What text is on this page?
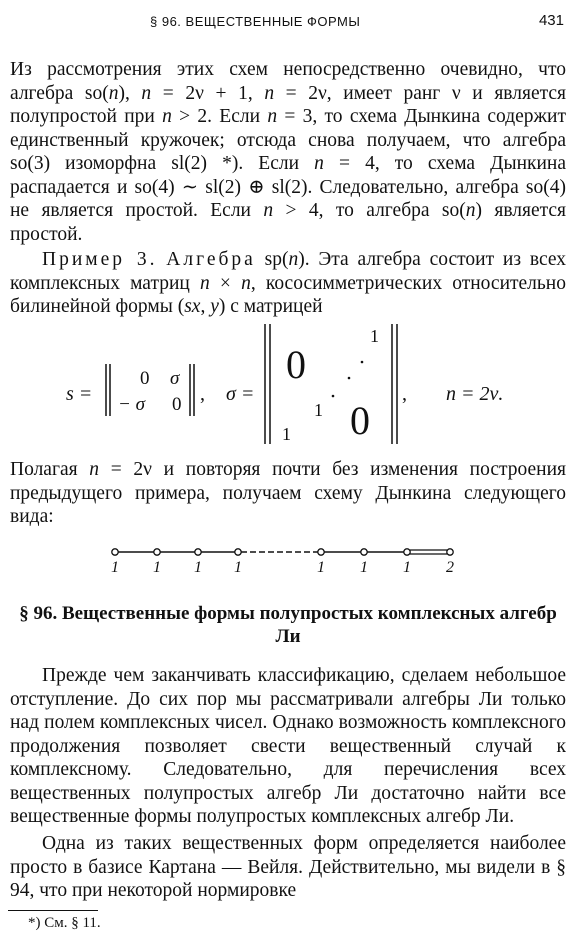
§ 96. ВЕЩЕСТВЕННЫЕ ФОРМЫ	431

Из рассмотрения этих схем непосредственно очевидно, что алгебра so(n), n = 2ν + 1, n = 2ν, имеет ранг ν и является полупростой при n > 2. Если n = 3, то схема Дынкина содержит единственный кружочек; отсюда снова получаем, что алгебра so(3) изоморфна sl(2) *). Если n = 4, то схема Дынкина распадается и so(4) ∼ sl(2) ⊕ sl(2). Следовательно, алгебра so(4) не является простой. Если n > 4, то алгебра so(n) является простой.

Пример 3. Алгебра sp(n). Эта алгебра состоит из всех комплексных матриц n × n, кососимметрических относительно билинейной формы (sx, y) с матрицей

s =
0 σ
− σ 0 , σ =
0
0
1
1
1
, n = 2ν.

Полагая n = 2ν и повторяя почти без изменения построения предыдущего примера, получаем схему Дынкина следующего вида:

1 1 1 1	1 1 1 2
§ 96. Вещественные формы полупростых комплексных алгебр Ли

Прежде чем заканчивать классификацию, сделаем небольшое отступление. До сих пор мы рассматривали алгебры Ли только над полем комплексных чисел. Однако возможность комплексного продолжения позволяет свести вещественный случай к комплексному. Следовательно, для перечисления всех вещественных полупростых алгебр Ли достаточно найти все вещественные формы полупростых комплексных алгебр Ли.

Одна из таких вещественных форм определяется наиболее просто в базисе Картана — Вейля. Действительно, мы видели в § 94, что при некоторой нормировке

*) См. § 11.
